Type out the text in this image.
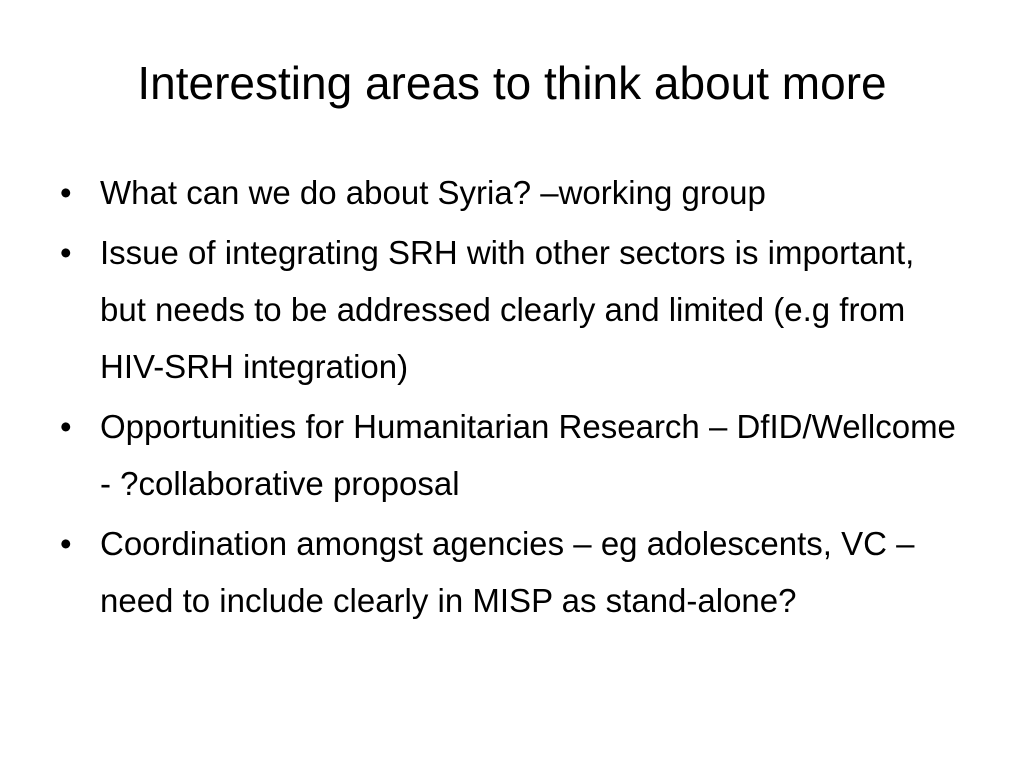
Interesting areas to think about more
• What can we do about Syria? –working group
• Issue of integrating SRH with other sectors is important, but needs to be addressed clearly and limited (e.g from HIV-SRH integration)
• Opportunities for Humanitarian Research – DfID/Wellcome - ?collaborative proposal
• Coordination amongst agencies – eg adolescents, VC – need to include clearly in MISP as stand-alone?
